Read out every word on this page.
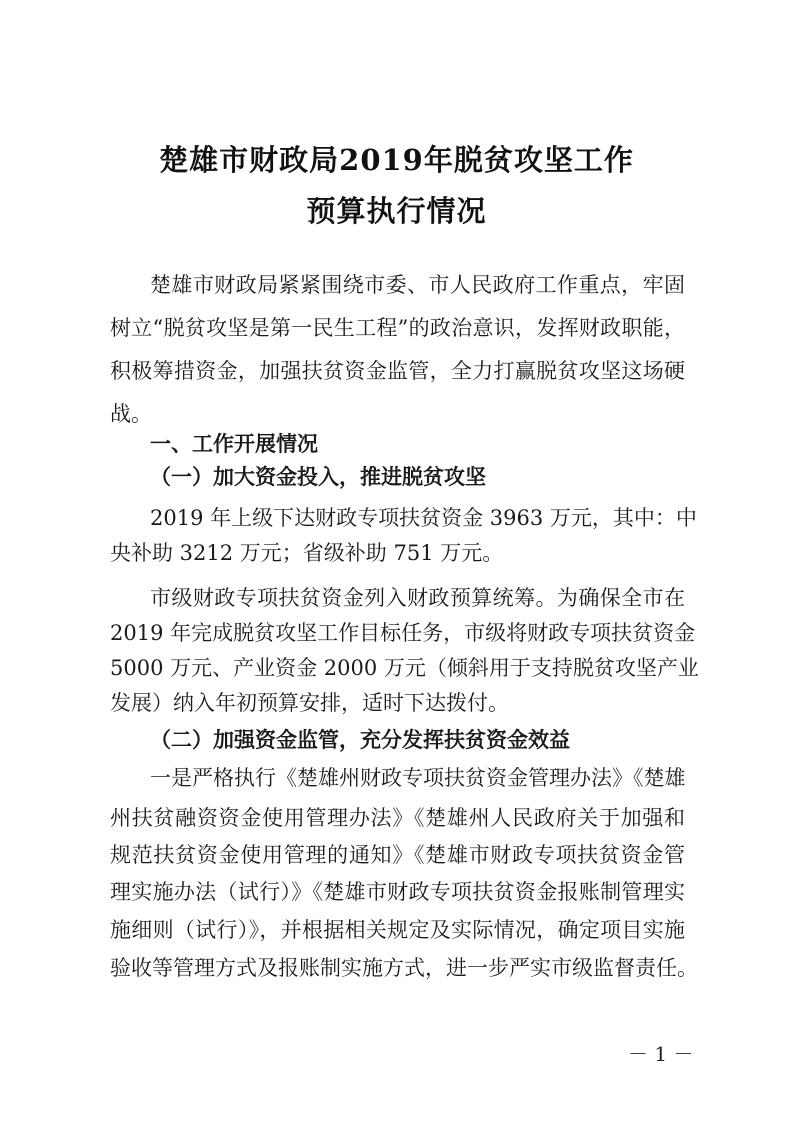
楚雄市财政局2019年脱贫攻坚工作
预算执行情况
楚雄市财政局紧紧围绕市委、市人民政府工作重点，牢固
树立“脱贫攻坚是第一民生工程”的政治意识，发挥财政职能，
积极筹措资金，加强扶贫资金监管，全力打赢脱贫攻坚这场硬
战。
一、工作开展情况
（一）加大资金投入，推进脱贫攻坚
2019 年上级下达财政专项扶贫资金 3963 万元，其中：中
央补助 3212 万元；省级补助 751 万元。
市级财政专项扶贫资金列入财政预算统筹。为确保全市在
2019 年完成脱贫攻坚工作目标任务，市级将财政专项扶贫资金
5000 万元、产业资金 2000 万元（倾斜用于支持脱贫攻坚产业
发展）纳入年初预算安排，适时下达拨付。
（二）加强资金监管，充分发挥扶贫资金效益
一是严格执行《楚雄州财政专项扶贫资金管理办法》《楚雄
州扶贫融资资金使用管理办法》《楚雄州人民政府关于加强和
规范扶贫资金使用管理的通知》《楚雄市财政专项扶贫资金管
理实施办法（试行）》《楚雄市财政专项扶贫资金报账制管理实
施细则（试行）》，并根据相关规定及实际情况，确定项目实施
验收等管理方式及报账制实施方式，进一步严实市级监督责任。
－ 1 －
